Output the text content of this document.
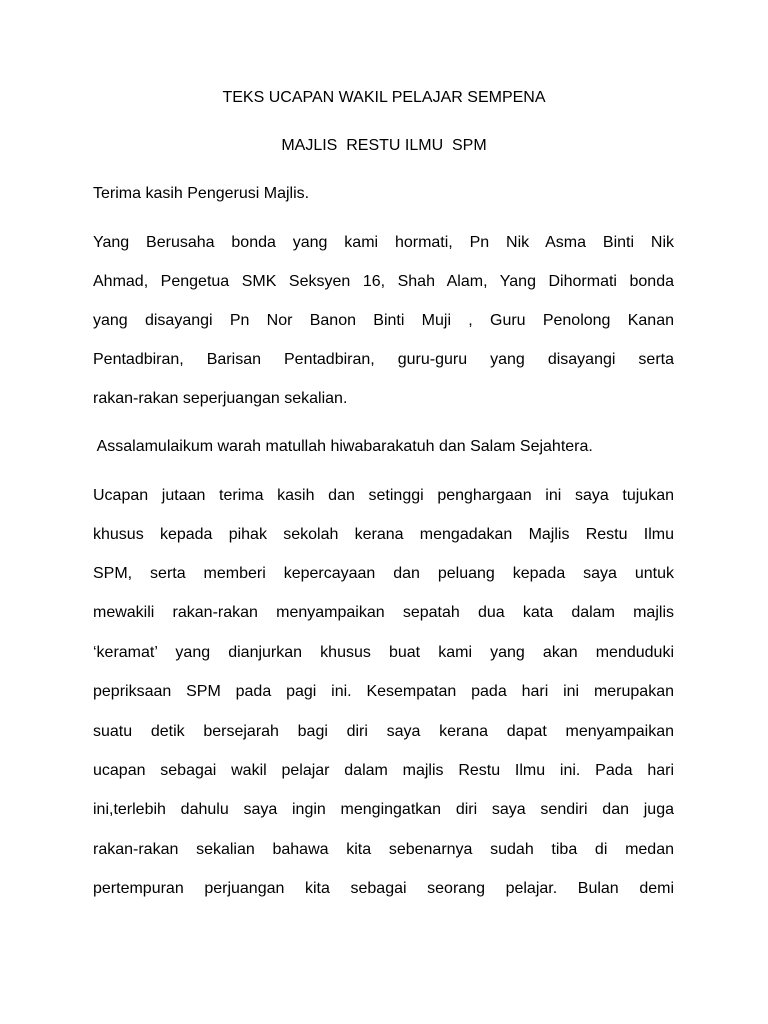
TEKS UCAPAN WAKIL PELAJAR SEMPENA
MAJLIS  RESTU ILMU  SPM
Terima kasih Pengerusi Majlis.
Yang Berusaha bonda yang kami hormati, Pn Nik Asma Binti Nik
Ahmad, Pengetua SMK Seksyen 16, Shah Alam, Yang Dihormati bonda
yang disayangi Pn Nor Banon Binti Muji , Guru Penolong Kanan
Pentadbiran, Barisan Pentadbiran, guru-guru yang disayangi serta
rakan-rakan seperjuangan sekalian.
Assalamulaikum warah matullah hiwabarakatuh dan Salam Sejahtera.
Ucapan jutaan terima kasih dan setinggi penghargaan ini saya tujukan
khusus kepada pihak sekolah kerana mengadakan Majlis Restu Ilmu
SPM, serta memberi kepercayaan dan peluang kepada saya untuk
mewakili rakan-rakan menyampaikan sepatah dua kata dalam majlis
‘keramat’ yang dianjurkan khusus buat kami yang akan menduduki
pepriksaan SPM pada pagi ini. Kesempatan pada hari ini merupakan
suatu detik bersejarah bagi diri saya kerana dapat menyampaikan
ucapan sebagai wakil pelajar dalam majlis Restu Ilmu ini. Pada hari
ini,terlebih dahulu saya ingin mengingatkan diri saya sendiri dan juga
rakan-rakan sekalian bahawa kita sebenarnya sudah tiba di medan
pertempuran perjuangan kita sebagai seorang pelajar. Bulan demi
